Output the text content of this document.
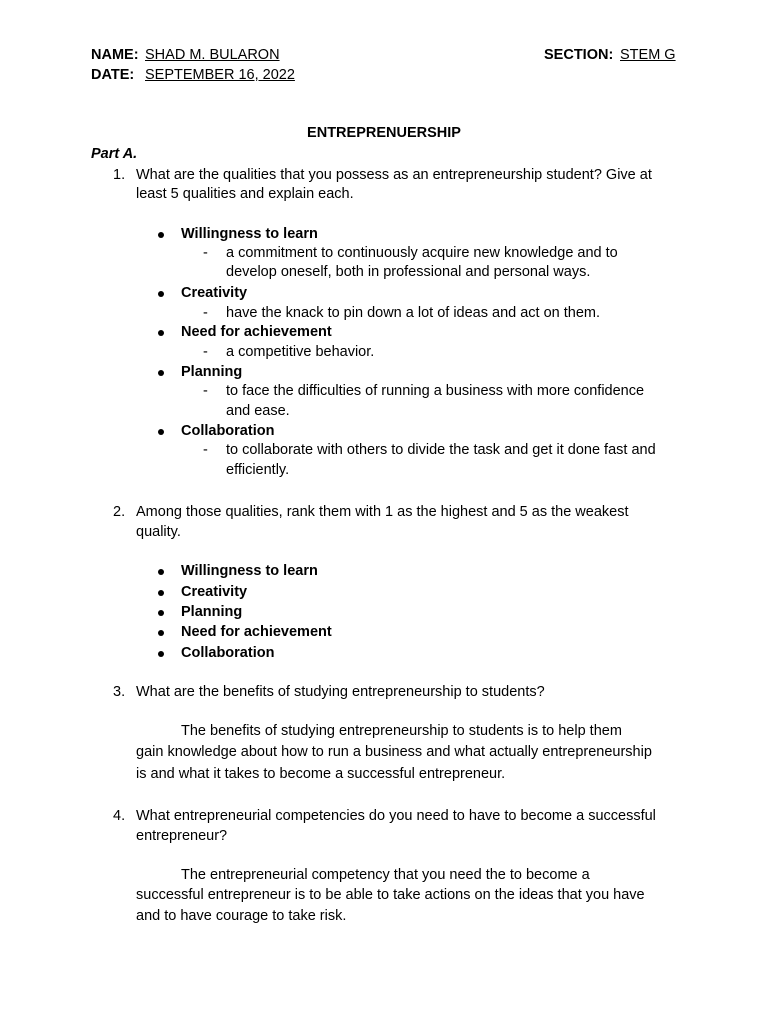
NAME: SHAD M. BULARON	SECTION: STEM G
DATE: SEPTEMBER 16, 2022
ENTREPRENUERSHIP
Part A.
1. What are the qualities that you possess as an entrepreneurship student? Give at
least 5 qualities and explain each.
Willingness to learn
- a commitment to continuously acquire new knowledge and to
develop oneself, both in professional and personal ways.
Creativity
- have the knack to pin down a lot of ideas and act on them.
Need for achievement
- a competitive behavior.
Planning
- to face the difficulties of running a business with more confidence
and ease.
Collaboration
- to collaborate with others to divide the task and get it done fast and
efficiently.
2. Among those qualities, rank them with 1 as the highest and 5 as the weakest
quality.
Willingness to learn
Creativity
Planning
Need for achievement
Collaboration
3. What are the benefits of studying entrepreneurship to students?
The benefits of studying entrepreneurship to students is to help them
gain knowledge about how to run a business and what actually entrepreneurship
is and what it takes to become a successful entrepreneur.
4. What entrepreneurial competencies do you need to have to become a successful
entrepreneur?
The entrepreneurial competency that you need the to become a
successful entrepreneur is to be able to take actions on the ideas that you have
and to have courage to take risk.
